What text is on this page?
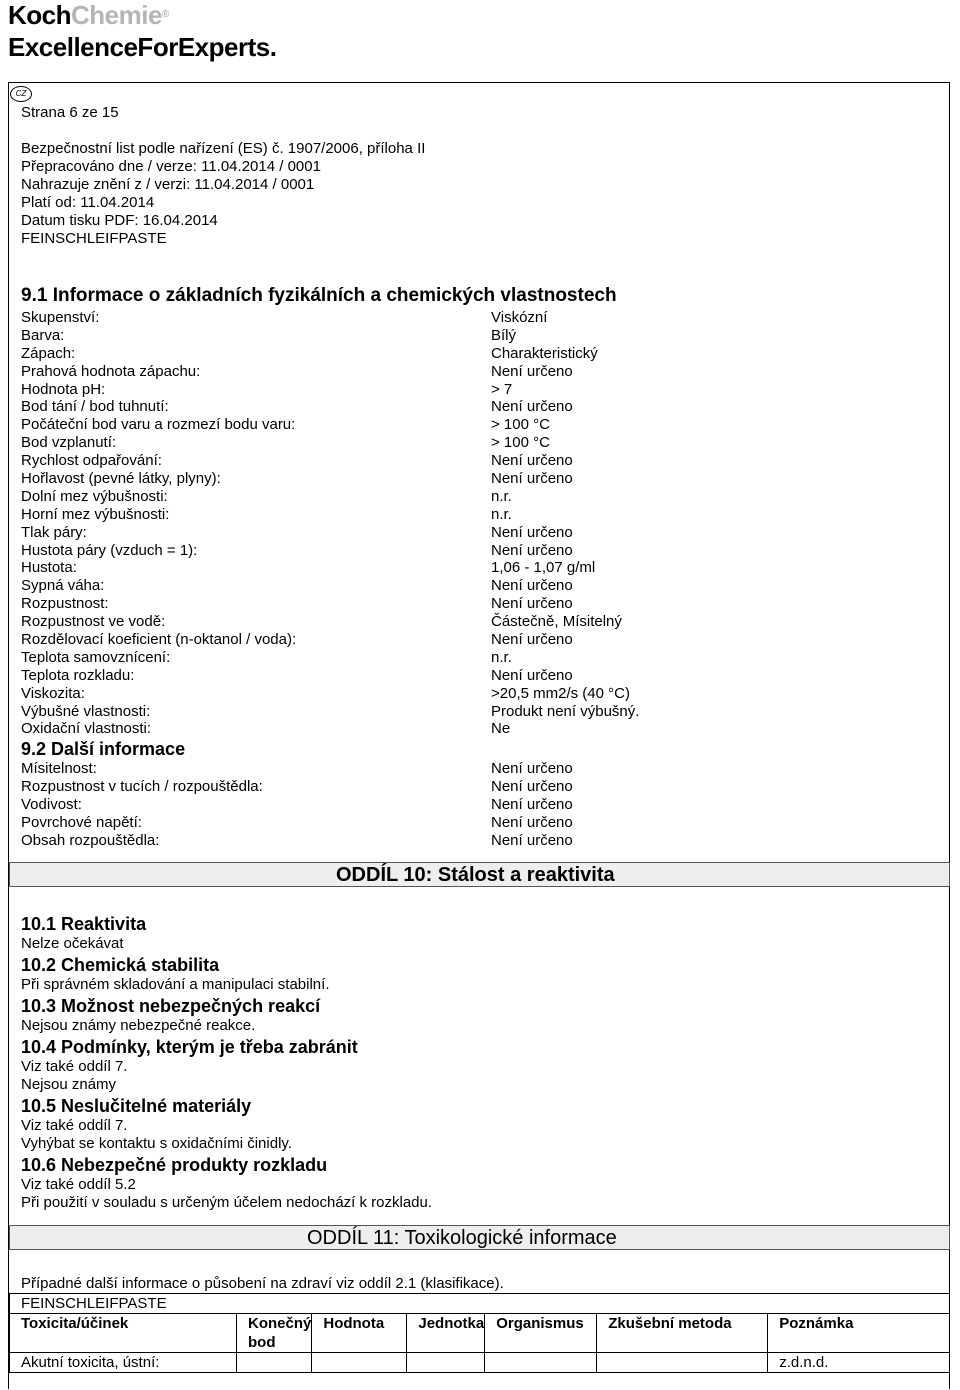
KochChemie®
ExcellenceForExperts.
CZ
Strana 6 ze 15
Bezpečnostní list podle nařízení (ES) č. 1907/2006, příloha II
Přepracováno dne / verze: 11.04.2014 / 0001
Nahrazuje znění z / verzi: 11.04.2014 / 0001
Platí od: 11.04.2014
Datum tisku PDF: 16.04.2014
FEINSCHLEIFPASTE
9.1 Informace o základních fyzikálních a chemických vlastnostech
Skupenství:	Viskózní
Barva:	Bílý
Zápach:	Charakteristický
Prahová hodnota zápachu:	Není určeno
Hodnota pH:	> 7
Bod tání / bod tuhnutí:	Není určeno
Počáteční bod varu a rozmezí bodu varu:	> 100 °C
Bod vzplanutí:	> 100 °C
Rychlost odpařování:	Není určeno
Hořlavost (pevné látky, plyny):	Není určeno
Dolní mez výbušnosti:	n.r.
Horní mez výbušnosti:	n.r.
Tlak páry:	Není určeno
Hustota páry (vzduch = 1):	Není určeno
Hustota:	1,06 - 1,07 g/ml
Sypná váha:	Není určeno
Rozpustnost:	Není určeno
Rozpustnost ve vodě:	Částečně, Mísitelný
Rozdělovací koeficient (n-oktanol / voda):	Není určeno
Teplota samovznícení:	n.r.
Teplota rozkladu:	Není určeno
Viskozita:	>20,5 mm2/s (40 °C)
Výbušné vlastnosti:	Produkt není výbušný.
Oxidační vlastnosti:	Ne
9.2 Další informace
Mísitelnost:	Není určeno
Rozpustnost v tucích / rozpouštědla:	Není určeno
Vodivost:	Není určeno
Povrchové napětí:	Není určeno
Obsah rozpouštědla:	Není určeno
ODDÍL 10: Stálost a reaktivita
10.1 Reaktivita
Nelze očekávat
10.2 Chemická stabilita
Při správném skladování a manipulaci stabilní.
10.3 Možnost nebezpečných reakcí
Nejsou známy nebezpečné reakce.
10.4 Podmínky, kterým je třeba zabránit
Viz také oddíl 7.
Nejsou známy
10.5 Neslučitelné materiály
Viz také oddíl 7.
Vyhýbat se kontaktu s oxidačními činidly.
10.6 Nebezpečné produkty rozkladu
Viz také oddíl 5.2
Při použití v souladu s určeným účelem nedochází k rozkladu.
ODDÍL 11: Toxikologické informace
Případné další informace o působení na zdraví viz oddíl 2.1 (klasifikace).
FEINSCHLEIFPASTE						
Toxicita/účinek	Konečný bod	Hodnota	Jednotka	Organismus	Zkušební metoda	Poznámka
Akutní toxicita, ústní:						z.d.n.d.
